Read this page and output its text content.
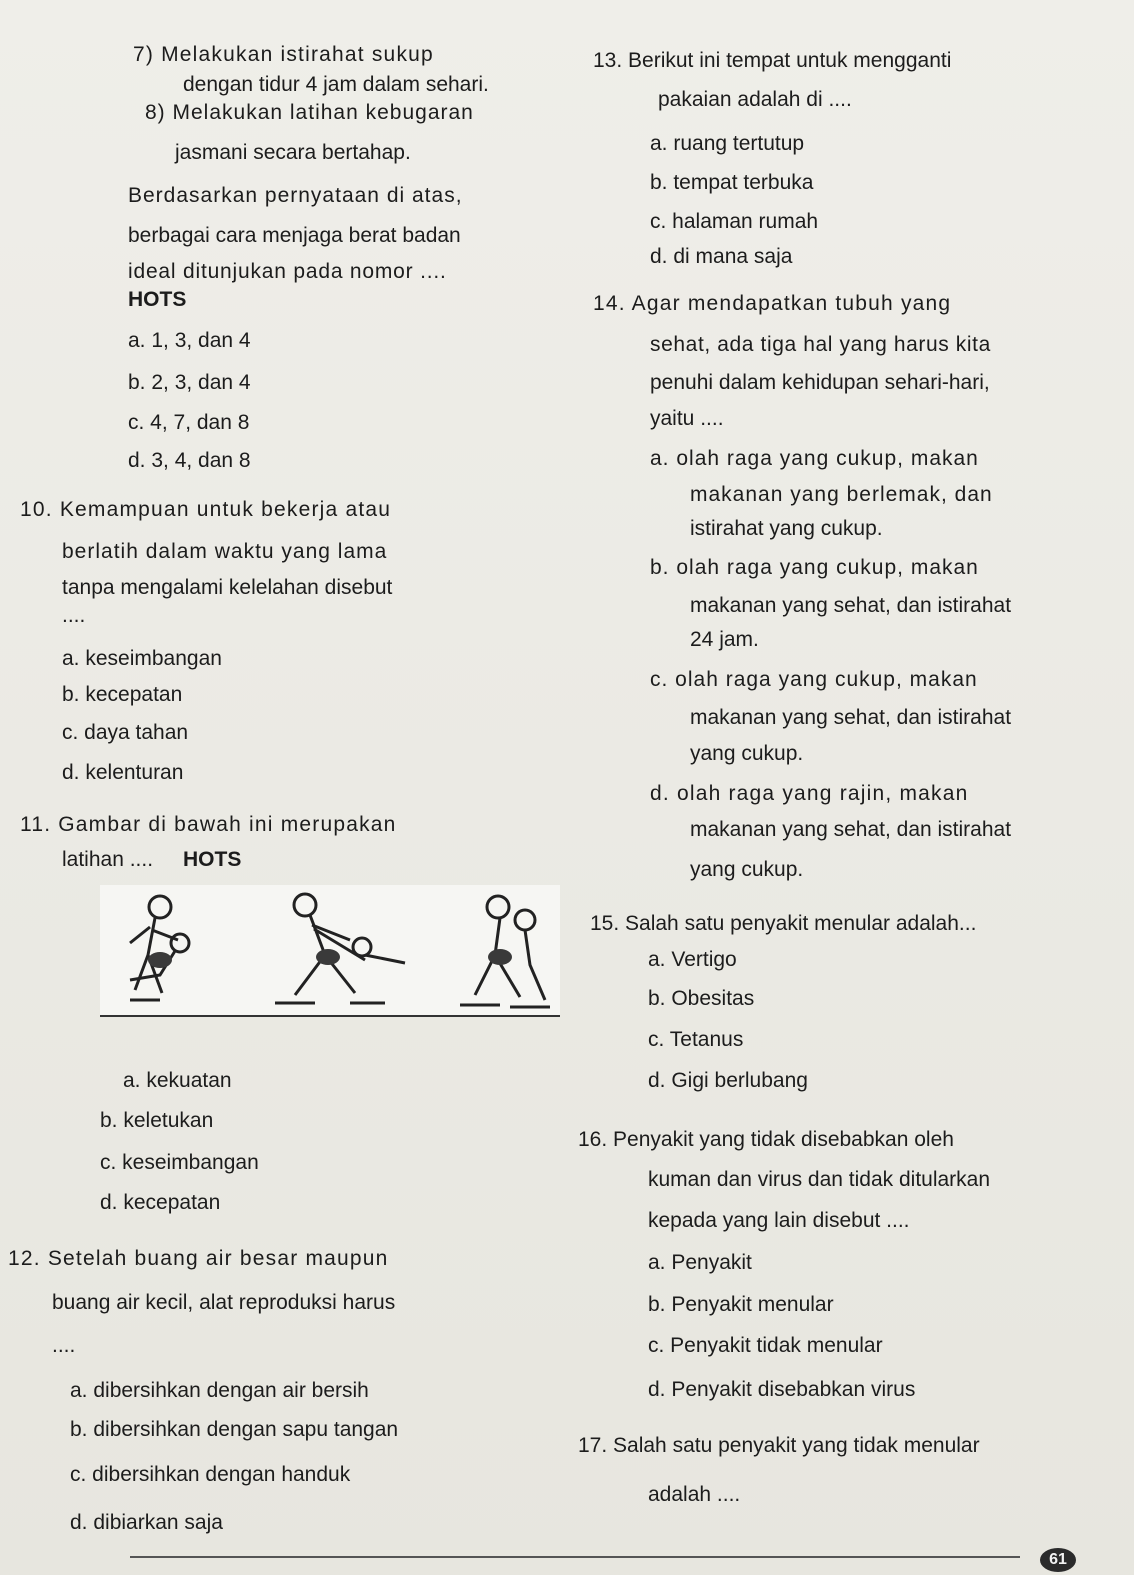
7) Melakukan istirahat sukup
dengan tidur 4 jam dalam sehari.
8) Melakukan latihan kebugaran
jasmani secara bertahap.
Berdasarkan pernyataan di atas,
berbagai cara menjaga berat badan
ideal ditunjukan pada nomor ....
HOTS
a. 1, 3, dan 4
b. 2, 3, dan 4
c. 4, 7, dan 8
d. 3, 4, dan 8
10. Kemampuan untuk bekerja atau
berlatih dalam waktu yang lama
tanpa mengalami kelelahan disebut
....
a. keseimbangan
b. kecepatan
c. daya tahan
d. kelenturan
11. Gambar di bawah ini merupakan
latihan .... HOTS
a. kekuatan
b. keletukan
c. keseimbangan
d. kecepatan
12. Setelah buang air besar maupun
buang air kecil, alat reproduksi harus
....
a. dibersihkan dengan air bersih
b. dibersihkan dengan sapu tangan
c. dibersihkan dengan handuk
d. dibiarkan saja
13. Berikut ini tempat untuk mengganti
pakaian adalah di ....
a. ruang tertutup
b. tempat terbuka
c. halaman rumah
d. di mana saja
14. Agar mendapatkan tubuh yang
sehat, ada tiga hal yang harus kita
penuhi dalam kehidupan sehari-hari,
yaitu ....
a. olah raga yang cukup, makan
makanan yang berlemak, dan
istirahat yang cukup.
b. olah raga yang cukup, makan
makanan yang sehat, dan istirahat
24 jam.
c. olah raga yang cukup, makan
makanan yang sehat, dan istirahat
yang cukup.
d. olah raga yang rajin, makan
makanan yang sehat, dan istirahat
yang cukup.
15. Salah satu penyakit menular adalah...
a. Vertigo
b. Obesitas
c. Tetanus
d. Gigi berlubang
16. Penyakit yang tidak disebabkan oleh
kuman dan virus dan tidak ditularkan
kepada yang lain disebut ....
a. Penyakit
b. Penyakit menular
c. Penyakit tidak menular
d. Penyakit disebabkan virus
17. Salah satu penyakit yang tidak menular
adalah ....
61
